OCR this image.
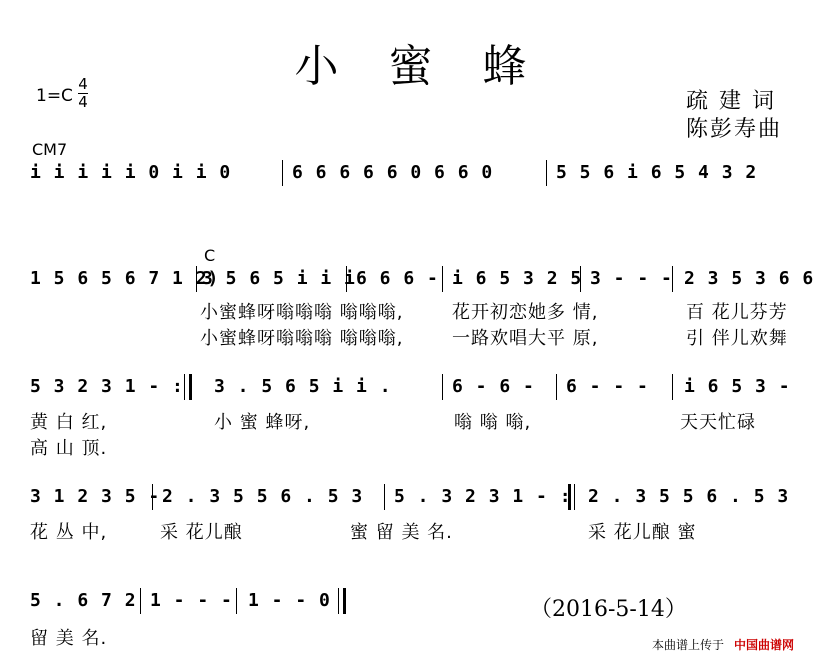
小 蜜 蜂
1=C
4
4	疏 建 词
陈彭寿曲
CM7
i i i i i 0 i i 0	6 6 6 6 6 0 6 6 0	5 5 6 i 6 5 4 3 2
C
1 5 6 5 6 7 1 2)
3 5 6 5 i i i 6 6 6 - i 6 5 3 2 5 3 - - - 2 3 5 3 6 6
小蜜蜂呀嗡嗡嗡 嗡嗡嗡,	花开初恋她多 情,	百 花儿芬芳
小蜜蜂呀嗡嗡嗡 嗡嗡嗡,	一路欢唱大平 原,	引 伴儿欢舞
5 3 2 3 1 - : 3 . 5 6 5 i i .	6 - 6 - 6 - - - i 6 5 3 -
黄 白 红,	小 蜜 蜂呀,	嗡 嗡 嗡,	天天忙碌
高 山 顶.
3 1 2 3 5 - 2 . 3 5 5 6 . 5 3 5 . 3 2 3 1 - : 2 . 3 5 5 6 . 5 3
花 丛 中,	采 花儿酿	蜜 留 美 名.	采 花儿酿 蜜
5 . 6 7 2 1 - - - 1 - - 0
留 美 名.
（2016-5-14）
本曲谱上传于 中国曲谱网
